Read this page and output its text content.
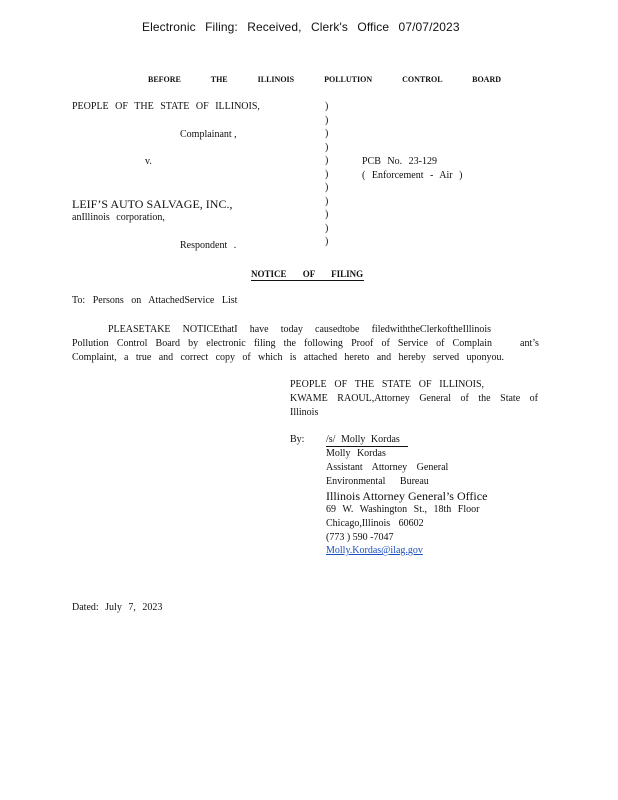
Electronic Filing: Received, Clerk's Office 07/07/2023
BEFORE THE ILLINOIS POLLUTION CONTROL BOARD
PEOPLE OF THE STATE OF ILLINOIS,
Complainant ,
v.
LEIF’S AUTO SALVAGE, INC.,
anIllinois corporation,
Respondent .
)
)
)
)
)
)
)
)
)
)
)
PCB No. 23-129
( Enforcement - Air )
NOTICE OF FILING
To: Persons on AttachedService List
PLEASETAKE NOTICEthatI have today causedtobe filedwiththeClerkoftheIllinois
Pollution Control Board by electronic filing the following Proof of Service of Complain	ant’s
Complaint, a true and correct copy of which is attached hereto and hereby served uponyou.
PEOPLE OF THE STATE OF ILLINOIS,
KWAME RAOUL,Attorney General of the State of
Illinois
By: /s/ Molly Kordas
Molly Kordas
Assistant Attorney General
Environmental Bureau
Illinois Attorney General’s Office
69 W. Washington St., 18th Floor
Chicago,Illinois 60602
(773 ) 590 -7047
Molly.Kordas@ilag.gov
Dated: July 7, 2023
